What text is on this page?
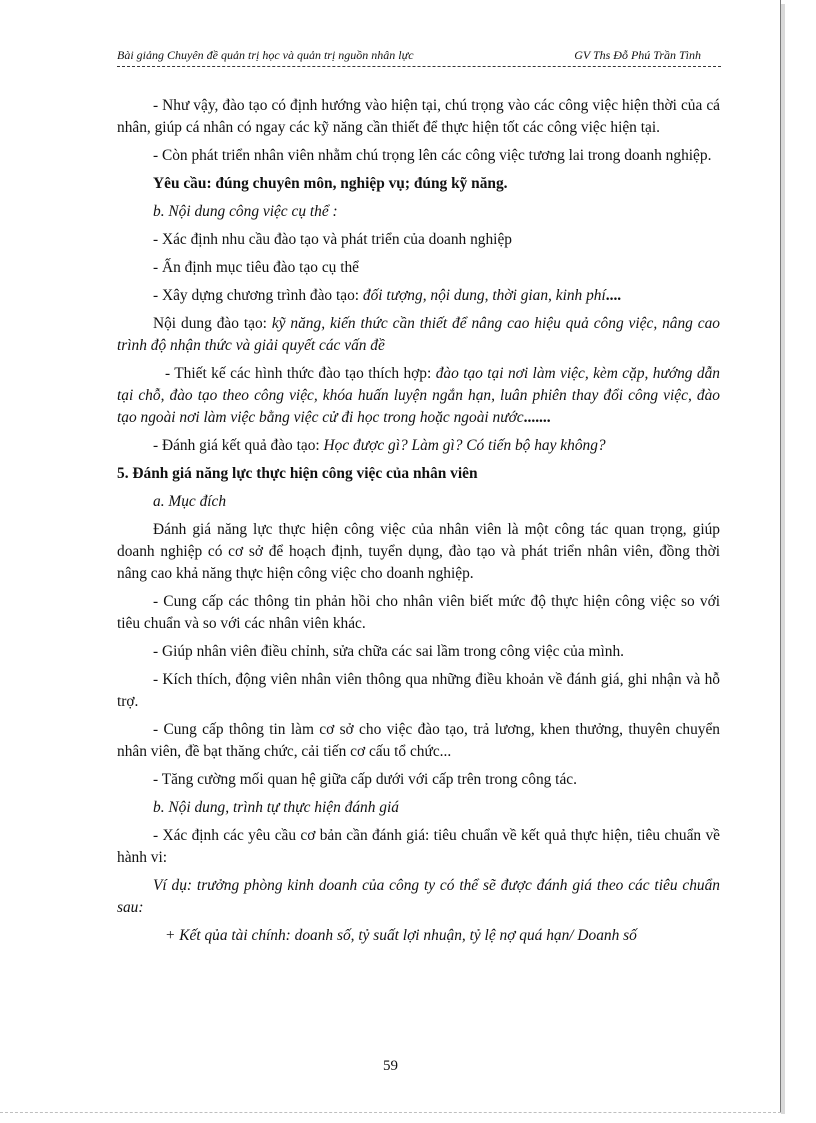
Bài giảng Chuyên đề quản trị học và quản trị nguồn nhân lực	GV Ths Đỗ Phú Trần Tình

- Như vậy, đào tạo có định hướng vào hiện tại, chú trọng vào các công việc hiện thời của cá nhân, giúp cá nhân có ngay các kỹ năng cần thiết để thực hiện tốt các công việc hiện tại.

- Còn phát triển nhân viên nhằm chú trọng lên các công việc tương lai trong doanh nghiệp.

Yêu cầu: đúng chuyên môn, nghiệp vụ; đúng kỹ năng.

b. Nội dung công việc cụ thể :

- Xác định nhu cầu đào tạo và phát triển của doanh nghiệp

- Ấn định mục tiêu đào tạo cụ thể

- Xây dựng chương trình đào tạo: đối tượng, nội dung, thời gian, kinh phí....

Nội dung đào tạo: kỹ năng, kiến thức cần thiết để nâng cao hiệu quả công việc, nâng cao trình độ nhận thức và giải quyết các vấn đề

- Thiết kế các hình thức đào tạo thích hợp: đào tạo tại nơi làm việc, kèm cặp, hướng dẫn tại chỗ, đào tạo theo công việc, khóa huấn luyện ngắn hạn, luân phiên thay đổi công việc, đào tạo ngoài nơi làm việc bằng việc cử đi học trong hoặc ngoài nước.......

- Đánh giá kết quả đào tạo: Học được gì? Làm gì? Có tiến bộ hay không?

5. Đánh giá năng lực thực hiện công việc của nhân viên

a. Mục đích

Đánh giá năng lực thực hiện công việc của nhân viên là một công tác quan trọng, giúp doanh nghiệp có cơ sở để hoạch định, tuyển dụng, đào tạo và phát triển nhân viên, đồng thời nâng cao khả năng thực hiện công việc cho doanh nghiệp.

- Cung cấp các thông tin phản hồi cho nhân viên biết mức độ thực hiện công việc so với tiêu chuẩn và so với các nhân viên khác.

- Giúp nhân viên điều chỉnh, sửa chữa các sai lầm trong công việc của mình.

- Kích thích, động viên nhân viên thông qua những điều khoản về đánh giá, ghi nhận và hỗ trợ.

- Cung cấp thông tin làm cơ sở cho việc đào tạo, trả lương, khen thưởng, thuyên chuyển nhân viên, đề bạt thăng chức, cải tiến cơ cấu tổ chức...

- Tăng cường mối quan hệ giữa cấp dưới với cấp trên trong công tác.

b. Nội dung, trình tự thực hiện đánh giá

- Xác định các yêu cầu cơ bản cần đánh giá: tiêu chuẩn về kết quả thực hiện, tiêu chuẩn về hành vi:

Ví dụ: trưởng phòng kinh doanh của công ty có thể sẽ được đánh giá theo các tiêu chuẩn sau:

+ Kết qủa tài chính: doanh số, tỷ suất lợi nhuận, tỷ lệ nợ quá hạn/ Doanh số

59
